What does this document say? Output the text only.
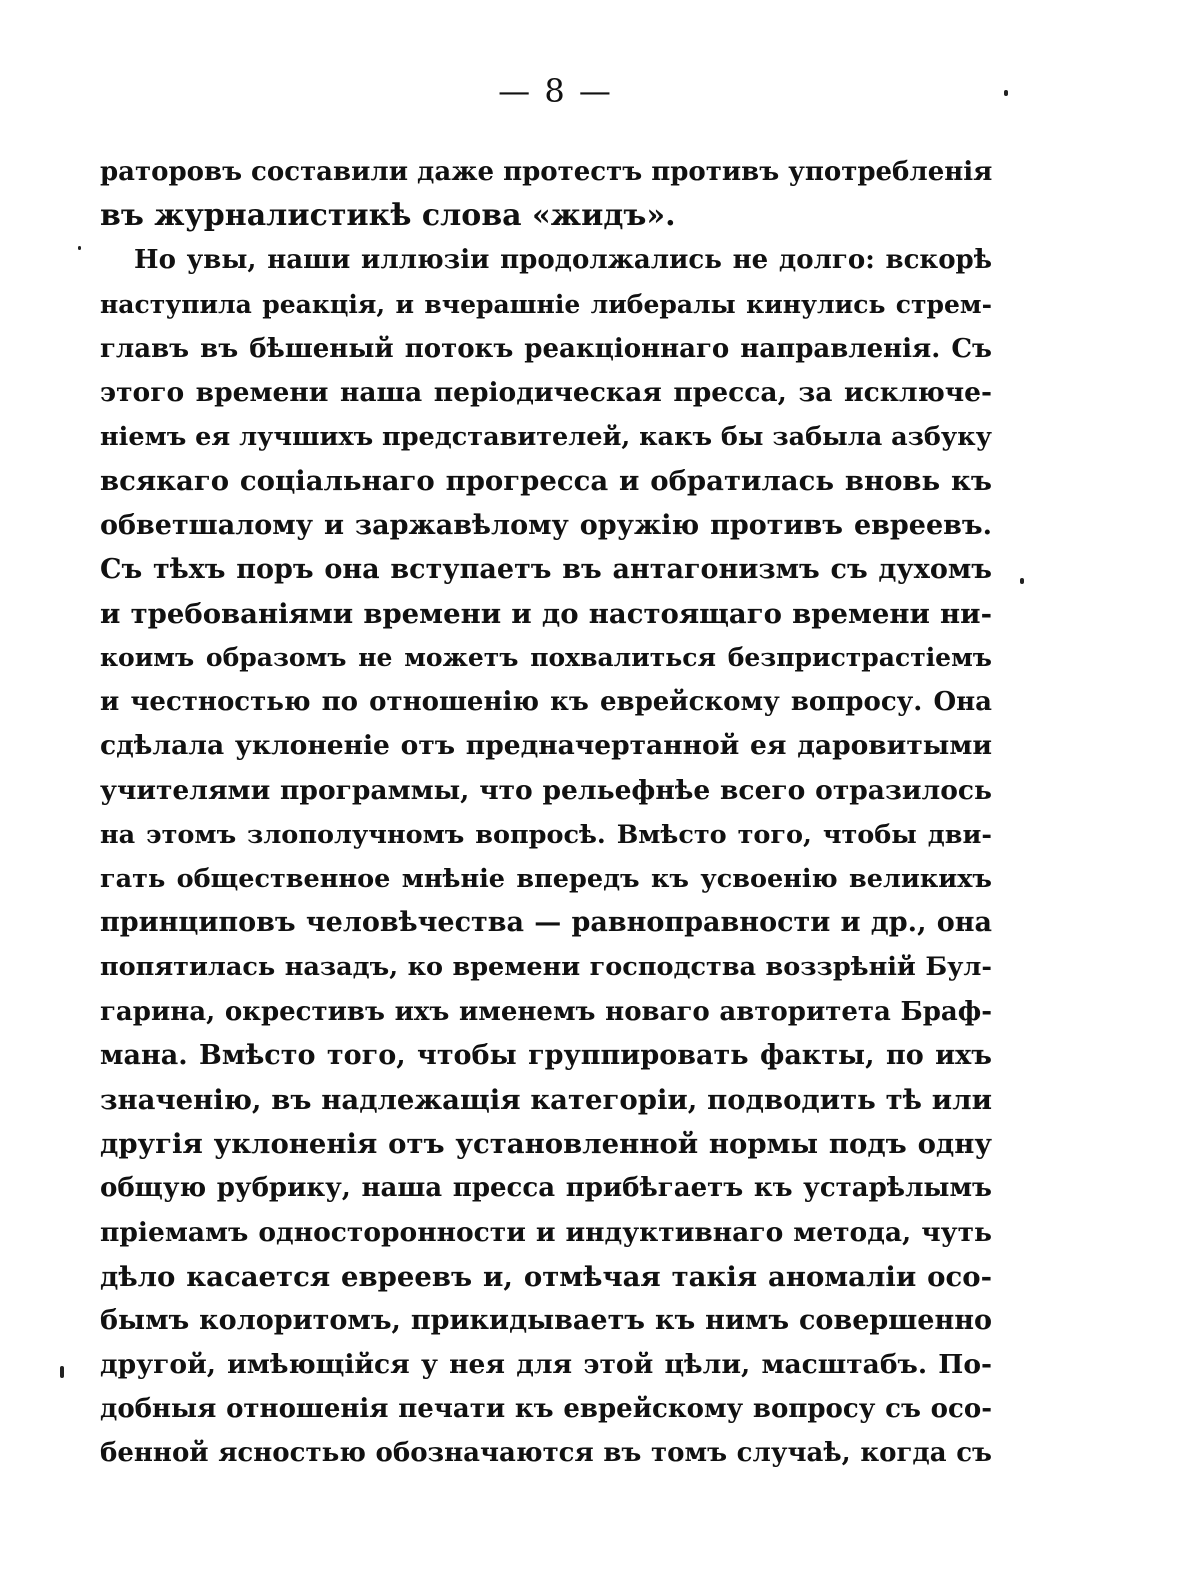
— 8 —
раторовъ составили даже протестъ противъ употребленія
въ журналистикѣ слова «жидъ».
Но увы, наши иллюзіи продолжались не долго: вскорѣ
наступила реакція, и вчерашніе либералы кинулись стрем-
главъ въ бѣшеный потокъ реакціоннаго направленія. Съ
этого времени наша періодическая пресса, за исключе-
ніемъ ея лучшихъ представителей, какъ бы забыла азбуку
всякаго соціальнаго прогресса и обратилась вновь къ
обветшалому и заржавѣлому оружію противъ евреевъ.
Съ тѣхъ поръ она вступаетъ въ антагонизмъ съ духомъ
и требованіями времени и до настоящаго времени ни-
коимъ образомъ не можетъ похвалиться безпристрастіемъ
и честностью по отношенію къ еврейскому вопросу. Она
сдѣлала уклоненіе отъ предначертанной ея даровитыми
учителями программы, что рельефнѣе всего отразилось
на этомъ злополучномъ вопросѣ. Вмѣсто того, чтобы дви-
гать общественное мнѣніе впередъ къ усвоенію великихъ
принциповъ человѣчества — равноправности и др., она
попятилась назадъ, ко времени господства воззрѣній Бул-
гарина, окрестивъ ихъ именемъ новаго авторитета Браф-
мана. Вмѣсто того, чтобы группировать факты, по ихъ
значенію, въ надлежащія категоріи, подводить тѣ или
другія уклоненія отъ установленной нормы подъ одну
общую рубрику, наша пресса прибѣгаетъ къ устарѣлымъ
пріемамъ односторонности и индуктивнаго метода, чуть
дѣло касается евреевъ и, отмѣчая такія аномаліи осо-
бымъ колоритомъ, прикидываетъ къ нимъ совершенно
другой, имѣющійся у нея для этой цѣли, масштабъ. По-
добныя отношенія печати къ еврейскому вопросу съ осо-
бенной ясностью обозначаются въ томъ случаѣ, когда съ
